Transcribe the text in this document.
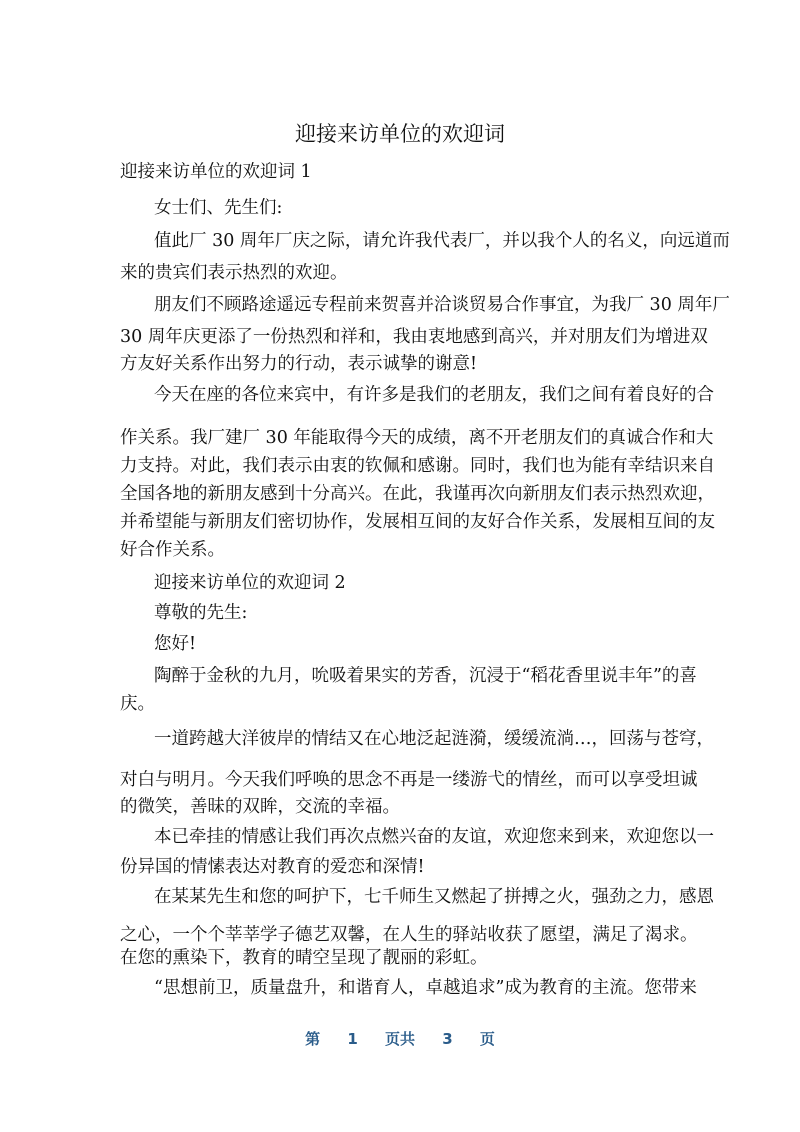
迎接来访单位的欢迎词
迎接来访单位的欢迎词 1
女士们、先生们:
值此厂 30 周年厂庆之际，请允许我代表厂，并以我个人的名义，向远道而
来的贵宾们表示热烈的欢迎。
朋友们不顾路途遥远专程前来贺喜并洽谈贸易合作事宜，为我厂 30 周年厂
30 周年庆更添了一份热烈和祥和，我由衷地感到高兴，并对朋友们为增进双
方友好关系作出努力的行动，表示诚挚的谢意!
今天在座的各位来宾中，有许多是我们的老朋友，我们之间有着良好的合
作关系。我厂建厂 30 年能取得今天的成绩，离不开老朋友们的真诚合作和大
力支持。对此，我们表示由衷的钦佩和感谢。同时，我们也为能有幸结识来自
全国各地的新朋友感到十分高兴。在此，我谨再次向新朋友们表示热烈欢迎，
并希望能与新朋友们密切协作，发展相互间的友好合作关系，发展相互间的友
好合作关系。
迎接来访单位的欢迎词 2
尊敬的先生:
您好!
陶醉于金秋的九月，吮吸着果实的芳香，沉浸于“稻花香里说丰年”的喜
庆。
一道跨越大洋彼岸的情结又在心地泛起涟漪，缓缓流淌…，回荡与苍穹，
对白与明月。今天我们呼唤的思念不再是一缕游弋的情丝，而可以享受坦诚
的微笑，善昧的双眸，交流的幸福。
本已牵挂的情感让我们再次点燃兴奋的友谊，欢迎您来到来，欢迎您以一
份异国的情愫表达对教育的爱恋和深情!
在某某先生和您的呵护下，七千师生又燃起了拼搏之火，强劲之力，感恩
之心，一个个莘莘学子德艺双馨，在人生的驿站收获了愿望，满足了渴求。
在您的熏染下，教育的晴空呈现了靓丽的彩虹。
“思想前卫，质量盘升，和谐育人，卓越追求”成为教育的主流。您带来
第 1 页共 3 页
